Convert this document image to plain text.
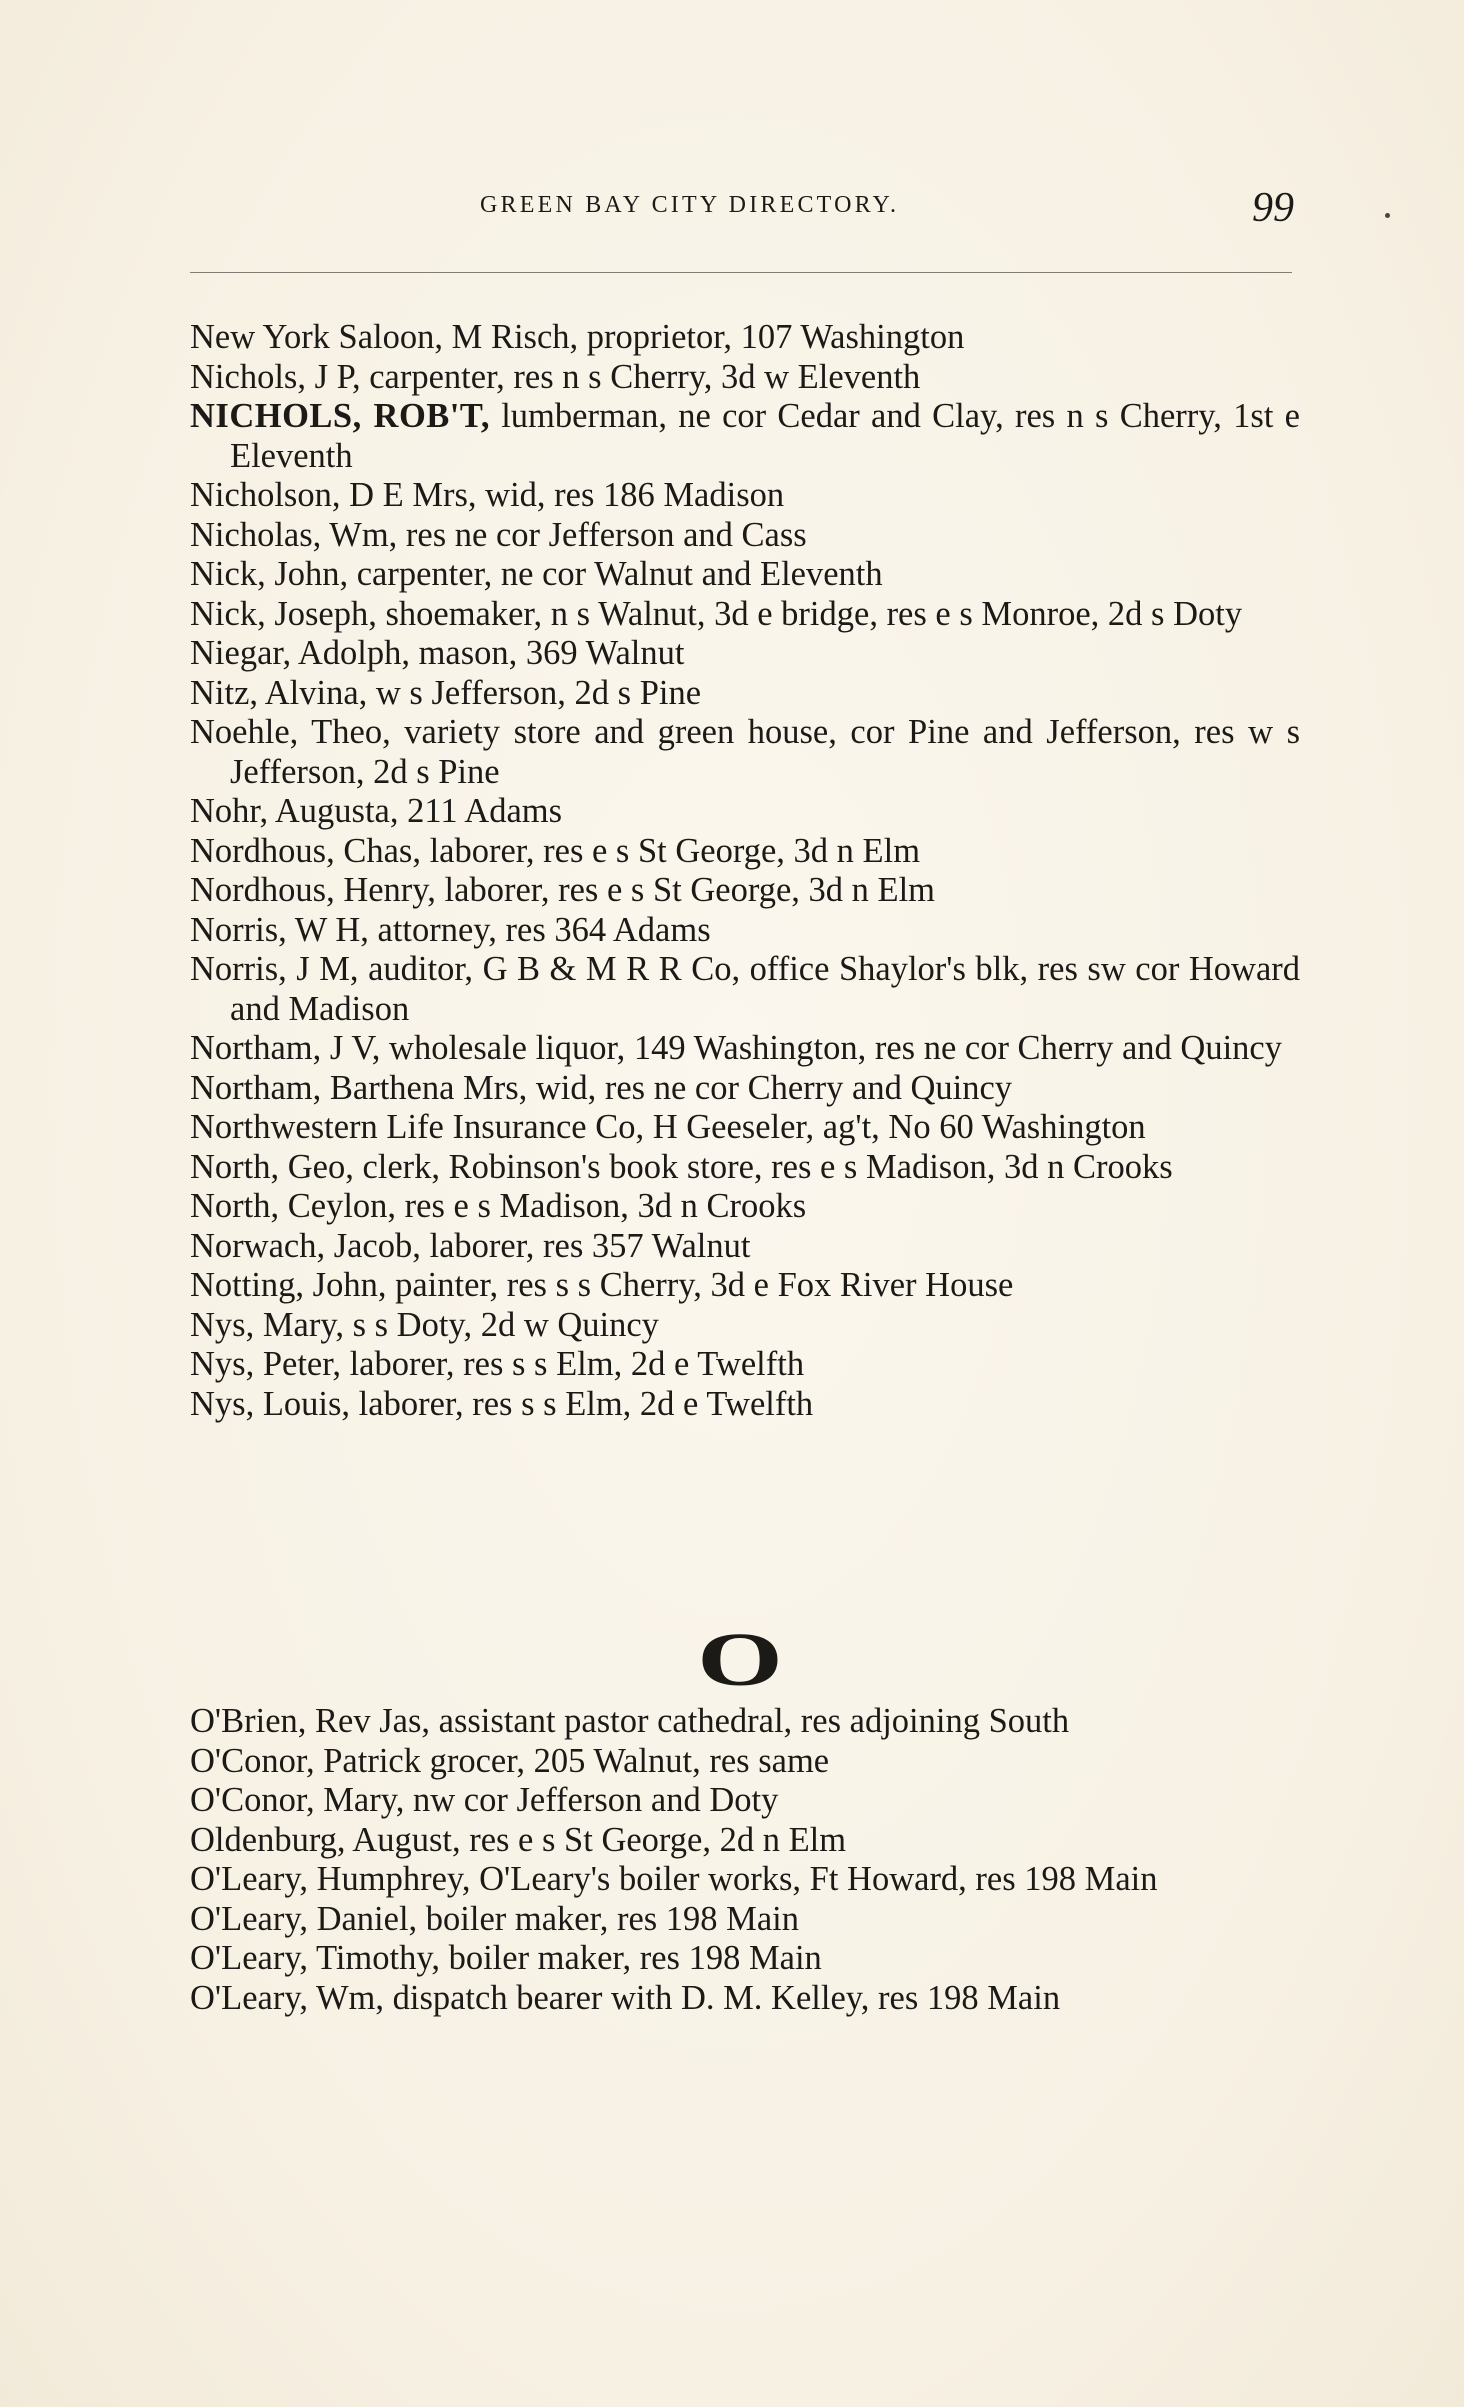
GREEN BAY CITY DIRECTORY.	99
New York Saloon, M Risch, proprietor, 107 Washington
Nichols, J P, carpenter, res n s Cherry, 3d w Eleventh
NICHOLS, ROB'T, lumberman, ne cor Cedar and Clay, res n s Cherry, 1st e Eleventh
Nicholson, D E Mrs, wid, res 186 Madison
Nicholas, Wm, res ne cor Jefferson and Cass
Nick, John, carpenter, ne cor Walnut and Eleventh
Nick, Joseph, shoemaker, n s Walnut, 3d e bridge, res e s Monroe, 2d s Doty
Niegar, Adolph, mason, 369 Walnut
Nitz, Alvina, w s Jefferson, 2d s Pine
Noehle, Theo, variety store and green house, cor Pine and Jefferson, res w s Jefferson, 2d s Pine
Nohr, Augusta, 211 Adams
Nordhous, Chas, laborer, res e s St George, 3d n Elm
Nordhous, Henry, laborer, res e s St George, 3d n Elm
Norris, W H, attorney, res 364 Adams
Norris, J M, auditor, G B & M R R Co, office Shaylor's blk, res sw cor Howard and Madison
Northam, J V, wholesale liquor, 149 Washington, res ne cor Cherry and Quincy
Northam, Barthena Mrs, wid, res ne cor Cherry and Quincy
Northwestern Life Insurance Co, H Geeseler, ag't, No 60 Washington
North, Geo, clerk, Robinson's book store, res e s Madison, 3d n Crooks
North, Ceylon, res e s Madison, 3d n Crooks
Norwach, Jacob, laborer, res 357 Walnut
Notting, John, painter, res s s Cherry, 3d e Fox River House
Nys, Mary, s s Doty, 2d w Quincy
Nys, Peter, laborer, res s s Elm, 2d e Twelfth
Nys, Louis, laborer, res s s Elm, 2d e Twelfth
O
O'Brien, Rev Jas, assistant pastor cathedral, res adjoining South
O'Conor, Patrick grocer, 205 Walnut, res same
O'Conor, Mary, nw cor Jefferson and Doty
Oldenburg, August, res e s St George, 2d n Elm
O'Leary, Humphrey, O'Leary's boiler works, Ft Howard, res 198 Main
O'Leary, Daniel, boiler maker, res 198 Main
O'Leary, Timothy, boiler maker, res 198 Main
O'Leary, Wm, dispatch bearer with D. M. Kelley, res 198 Main
